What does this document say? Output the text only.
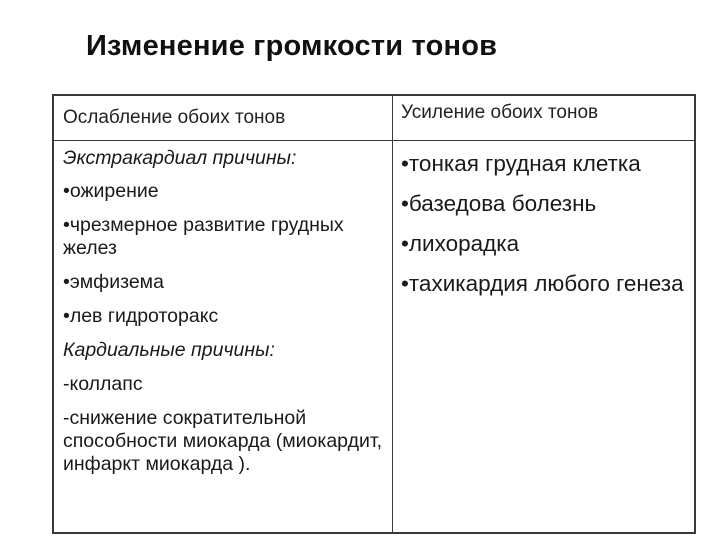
Изменение громкости тонов
Ослабление обоих тонов	Усиление обоих тонов
Экстракардиал причины:
•ожирение
•чрезмерное развитие грудных желез
•эмфизема
•лев гидроторакс
Кардиальные причины:
-коллапс
-снижение сократительной способности миокарда (миокардит, инфаркт миокарда ).
•тонкая грудная клетка
•базедова болезнь
•лихорадка
•тахикардия любого генеза
